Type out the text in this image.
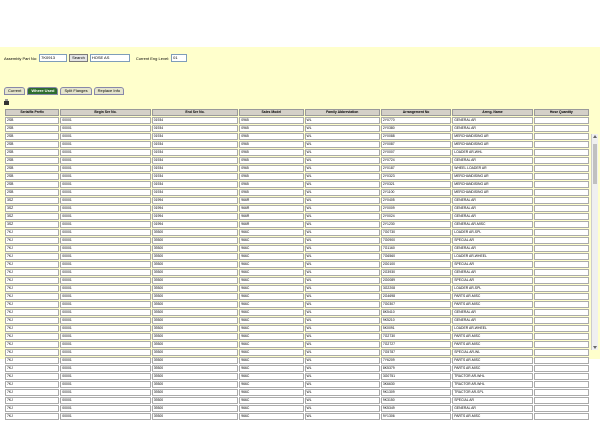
Assembly Part No:	7K0913	Search	HOSE AS	Current Eng Level:	01
Current	Where Used	Split Flanges	Replace Info
Serialfix Prefix	Begin Ser No.	End Ser No.	Sales Model	Family Abbreviation	Arrangement No	Arrng. Name	Hose Quantity
2SB	00001	01934	0965	WL	2Y0770	GENERAL AR	
2SB	00001	01934	0965	WL	2Y0380	GENERAL AR	
2SB	00001	01934	0965	WL	2Y0088	MERCHANDISING AR	
2SB	00001	01934	0965	WL	2Y0087	MERCHANDISING AR	
2SB	00001	01934	0965	WL	2Y0007	LOADER AR-WHL	
2SB	00001	01934	0965	WL	2Y0724	GENERAL AR	
2SB	00001	01934	0965	WL	2Y0187	WHEEL LOADER AR	
2SB	00001	01934	0965	WL	2Y0323	MERCHANDISING AR	
2SB	00001	01934	0965	WL	2Y0321	MERCHANDISING AR	
2SB	00001	01934	0965	WL	2Y1100	MERCHANDISING AR	
3SZ	00001	01994	966R	WL	2Y0405	GENERAL AR	
3SZ	00001	01994	966R	WL	2Y0009	GENERAL AR	
3SZ	00001	01994	966R	WL	2Y0024	GENERAL AR	
3SZ	00001	01994	966R	WL	2Y1230	GENERAL AR-MISC	
7KJ	00001	39300	966C	WL	7G0730	LOADER AR-SPL	
7KJ	00001	39300	966C	WL	7G0900	SPECIAL AR	
7KJ	00001	39300	966C	WL	7G1160	GENERAL AR	
7KJ	00001	39300	966C	WL	7G6560	LOADER AR-WHEEL	
7KJ	00001	39300	966C	WL	2G0100	SPECIAL AR	
7KJ	00001	39300	966C	WL	2G3930	GENERAL AR	
7KJ	00001	39300	966C	WL	2G0089	SPECIAL AR	
7KJ	00001	39300	966C	WL	3G2208	LOADER AR-SPL	
7KJ	00001	39300	966C	WL	2G4698	PARTS AR-MISC	
7KJ	00001	39300	966C	WL	7G0307	PARTS AR-MISC	
7KJ	00001	39300	966C	WL	8K5410	GENERAL AR	
7KJ	00001	39300	966C	WL	9K5210	GENERAL AR	
7KJ	00001	39300	966C	WL	5K0091	LOADER AR-WHEEL	
7KJ	00001	39300	966C	WL	7G2730	PARTS AR-MISC	
7KJ	00001	39300	966C	WL	7G2727	PARTS AR-MISC	
7KJ	00001	39300	966C	WL	7G5787	SPECIAL AR-WL	
7KJ	00001	39300	966C	WL	7Y6209	PARTS AR-MISC	
7KJ	00001	39300	966C	WL	8K5379	PARTS AR-MISC	
7KJ	00001	39300	966C	WL	3G0751	TRACTOR AR-WHL	
7KJ	00001	39300	966C	WL	3K6630	TRACTOR AR-WHL	
7KJ	00001	39300	966C	WL	9K1309	TRACTOR AR-SPL	
7KJ	00001	39300	966C	WL	9K3150	SPECIAL AR	
7KJ	00001	39300	966C	WL	9K5349	GENERAL AR	
7KJ	00001	39300	966C	WL	9Y1306	PARTS AR-MISC	
